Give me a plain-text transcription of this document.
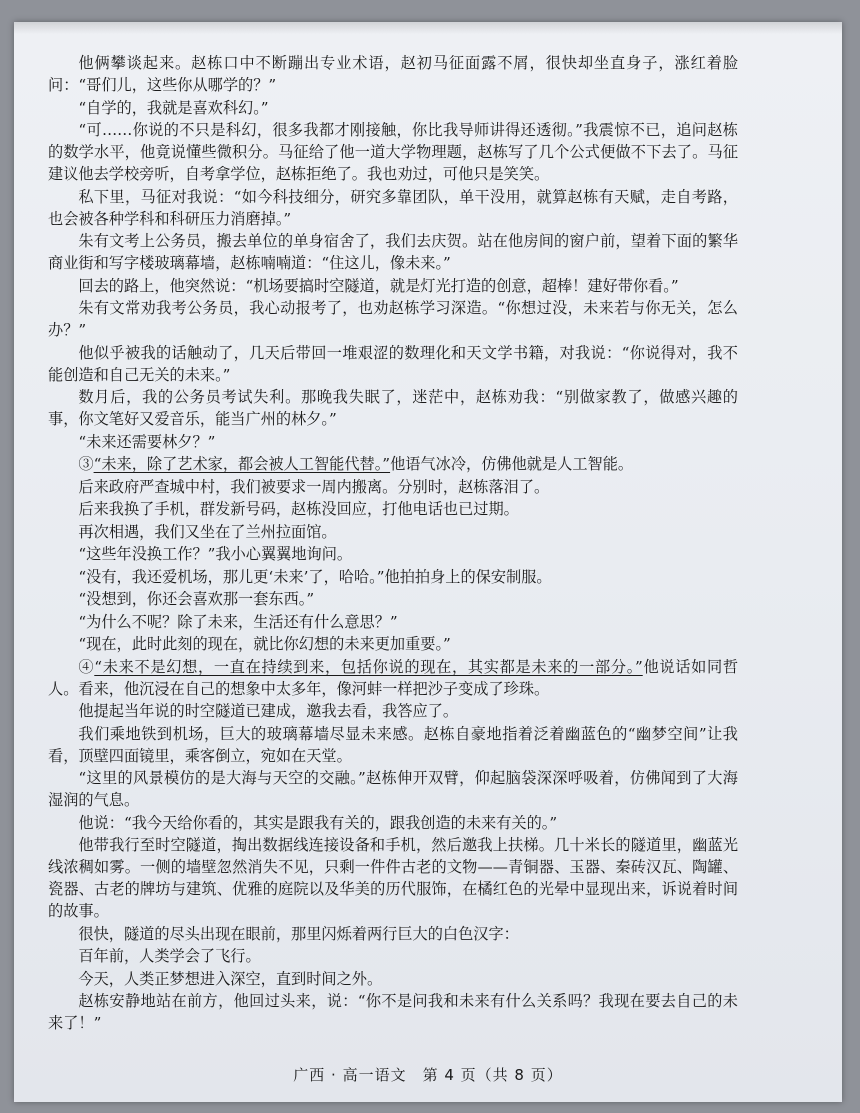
他俩攀谈起来。赵栋口中不断蹦出专业术语，赵初马征面露不屑，很快却坐直身子，涨红着脸问：“哥们儿，这些你从哪学的？”

“自学的，我就是喜欢科幻。”

“可……你说的不只是科幻，很多我都才刚接触，你比我导师讲得还透彻。”我震惊不已，追问赵栋的数学水平，他竟说懂些微积分。马征给了他一道大学物理题，赵栋写了几个公式便做不下去了。马征建议他去学校旁听，自考拿学位，赵栋拒绝了。我也劝过，可他只是笑笑。

私下里，马征对我说：“如今科技细分，研究多靠团队，单干没用，就算赵栋有天赋，走自考路，也会被各种学科和科研压力消磨掉。”

朱有文考上公务员，搬去单位的单身宿舍了，我们去庆贺。站在他房间的窗户前，望着下面的繁华商业街和写字楼玻璃幕墙，赵栋喃喃道：“住这儿，像未来。”

回去的路上，他突然说：“机场要搞时空隧道，就是灯光打造的创意，超棒！建好带你看。”

朱有文常劝我考公务员，我心动报考了，也劝赵栋学习深造。“你想过没，未来若与你无关，怎么办？”

他似乎被我的话触动了，几天后带回一堆艰涩的数理化和天文学书籍，对我说：“你说得对，我不能创造和自己无关的未来。”

数月后，我的公务员考试失利。那晚我失眠了，迷茫中，赵栋劝我：“别做家教了，做感兴趣的事，你文笔好又爱音乐，能当广州的林夕。”

“未来还需要林夕？”

③“未来，除了艺术家，都会被人工智能代替。”他语气冰冷，仿佛他就是人工智能。

后来政府严查城中村，我们被要求一周内搬离。分别时，赵栋落泪了。

后来我换了手机，群发新号码，赵栋没回应，打他电话也已过期。

再次相遇，我们又坐在了兰州拉面馆。

“这些年没换工作？”我小心翼翼地询问。

“没有，我还爱机场，那儿更‘未来’了，哈哈。”他拍拍身上的保安制服。

“没想到，你还会喜欢那一套东西。”

“为什么不呢？除了未来，生活还有什么意思？”

“现在，此时此刻的现在，就比你幻想的未来更加重要。”

④“未来不是幻想，一直在持续到来，包括你说的现在，其实都是未来的一部分。”他说话如同哲人。看来，他沉浸在自己的想象中太多年，像河蚌一样把沙子变成了珍珠。

他提起当年说的时空隧道已建成，邀我去看，我答应了。

我们乘地铁到机场，巨大的玻璃幕墙尽显未来感。赵栋自豪地指着泛着幽蓝色的“幽梦空间”让我看，顶壁四面镜里，乘客倒立，宛如在天堂。

“这里的风景模仿的是大海与天空的交融。”赵栋伸开双臂，仰起脑袋深深呼吸着，仿佛闻到了大海湿润的气息。

他说：“我今天给你看的，其实是跟我有关的，跟我创造的未来有关的。”

他带我行至时空隧道，掏出数据线连接设备和手机，然后邀我上扶梯。几十米长的隧道里，幽蓝光线浓稠如雾。一侧的墙壁忽然消失不见，只剩一件件古老的文物——青铜器、玉器、秦砖汉瓦、陶罐、瓷器、古老的牌坊与建筑、优雅的庭院以及华美的历代服饰，在橘红色的光晕中显现出来，诉说着时间的故事。

很快，隧道的尽头出现在眼前，那里闪烁着两行巨大的白色汉字：

百年前，人类学会了飞行。

今天，人类正梦想进入深空，直到时间之外。

赵栋安静地站在前方，他回过头来，说：“你不是问我和未来有什么关系吗？我现在要去自己的未来了！”

广西 · 高一语文　第 4 页（共 8 页）
